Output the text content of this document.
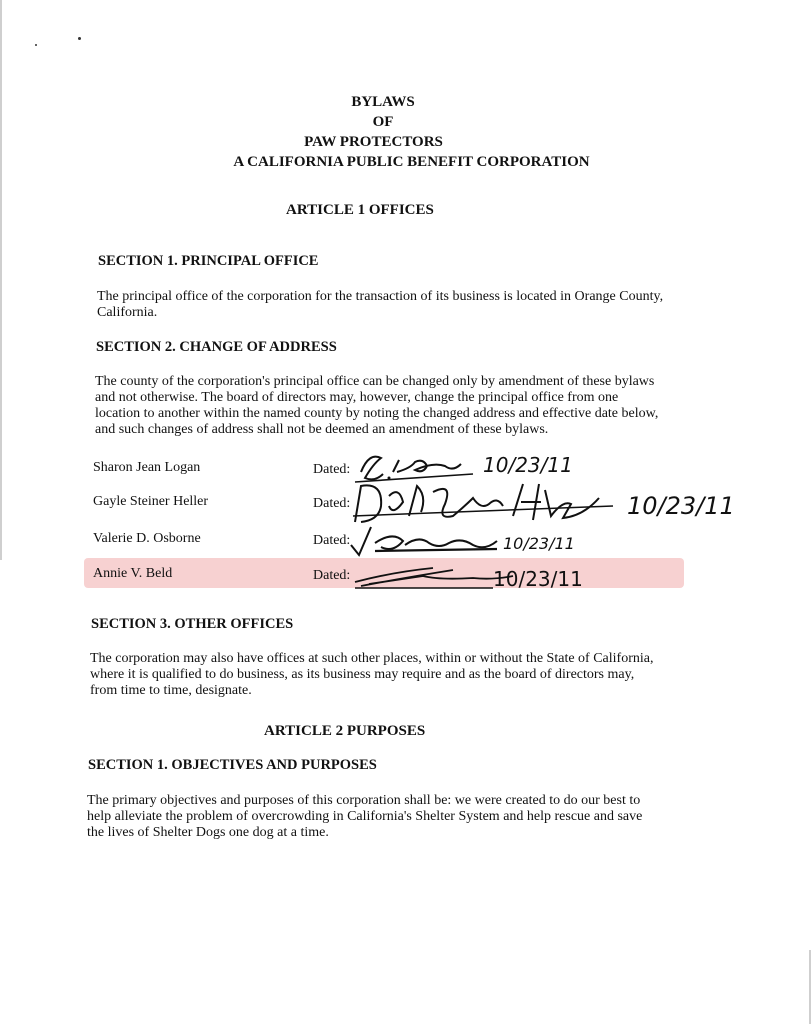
BYLAWS
OF
PAW PROTECTORS
A CALIFORNIA PUBLIC BENEFIT CORPORATION
ARTICLE 1 OFFICES
SECTION 1. PRINCIPAL OFFICE
The principal office of the corporation for the transaction of its business is located in Orange County,
California.
SECTION 2. CHANGE OF ADDRESS
The county of the corporation's principal office can be changed only by amendment of these bylaws
and not otherwise. The board of directors may, however, change the principal office from one
location to another within the named county by noting the changed address and effective date below,
and such changes of address shall not be deemed an amendment of these bylaws.
Sharon Jean Logan	Dated:	10/23/11
Gayle Steiner Heller	Dated:	10/23/11
Valerie D. Osborne	Dated:	10/23/11
Annie V. Beld	Dated:	10/23/11
SECTION 3. OTHER OFFICES
The corporation may also have offices at such other places, within or without the State of California,
where it is qualified to do business, as its business may require and as the board of directors may,
from time to time, designate.
ARTICLE 2 PURPOSES
SECTION 1. OBJECTIVES AND PURPOSES
The primary objectives and purposes of this corporation shall be: we were created to do our best to
help alleviate the problem of overcrowding in California's Shelter System and help rescue and save
the lives of Shelter Dogs one dog at a time.
